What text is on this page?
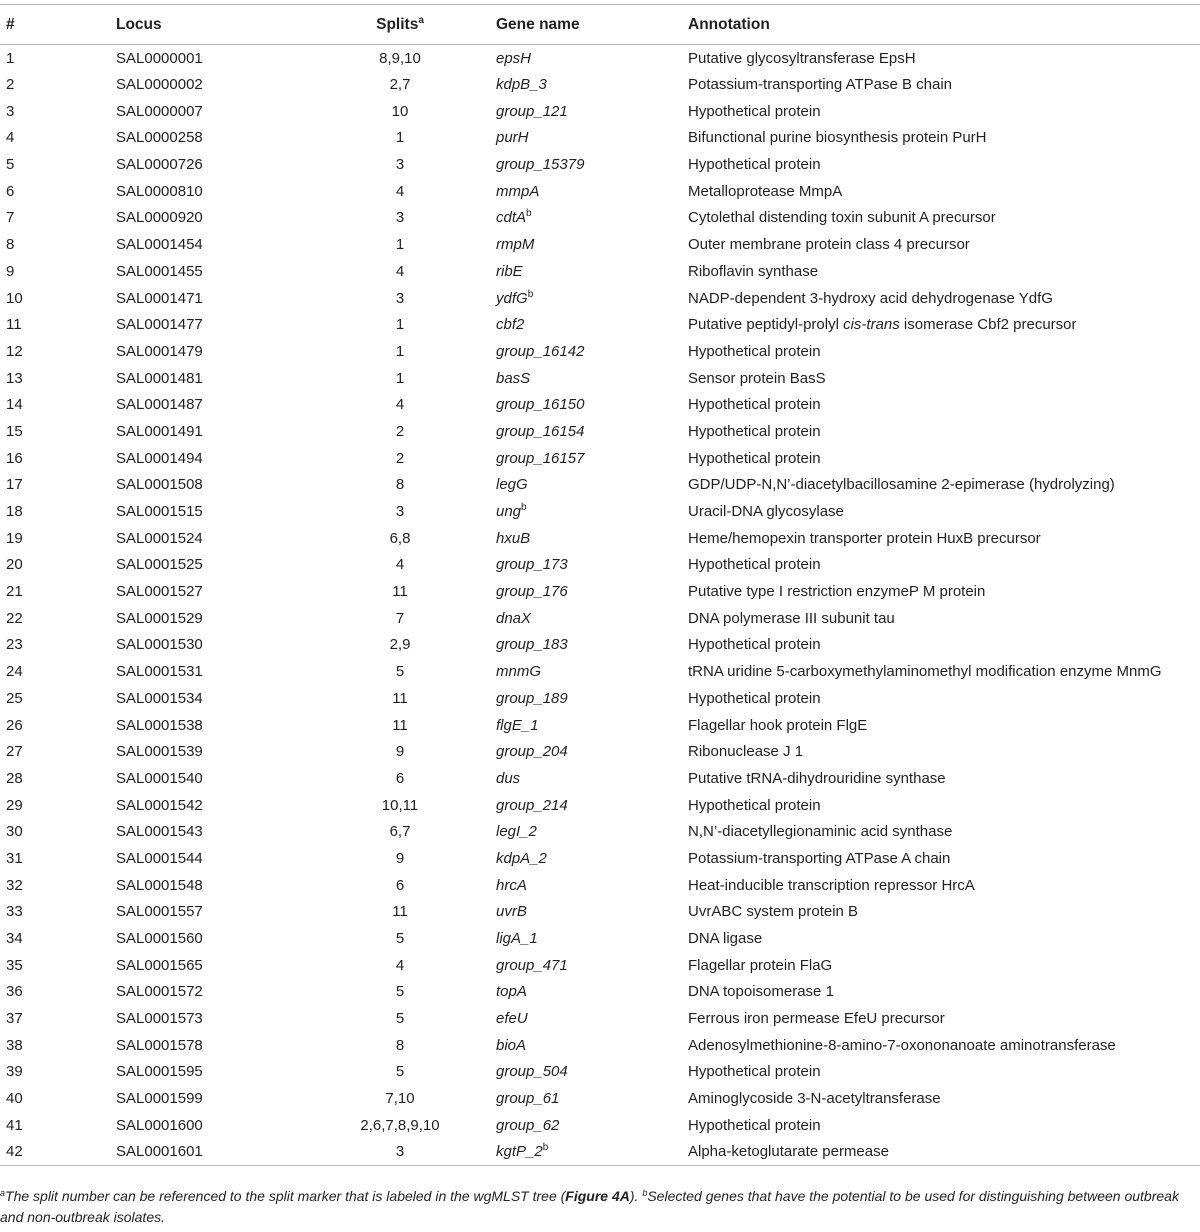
#	Locus	Splits$^a$	Gene name	Annotation
1	SAL0000001	8,9,10	epsH	Putative glycosyltransferase EpsH
2	SAL0000002	2,7	kdpB_3	Potassium-transporting ATPase B chain
3	SAL0000007	10	group_121	Hypothetical protein
4	SAL0000258	1	purH	Bifunctional purine biosynthesis protein PurH
5	SAL0000726	3	group_15379	Hypothetical protein
6	SAL0000810	4	mmpA	Metalloprotease MmpA
7	SAL0000920	3	cdtA$^b$	Cytolethal distending toxin subunit A precursor
8	SAL0001454	1	rmpM	Outer membrane protein class 4 precursor
9	SAL0001455	4	ribE	Riboflavin synthase
10	SAL0001471	3	ydfG$^b$	NADP-dependent 3-hydroxy acid dehydrogenase YdfG
11	SAL0001477	1	cbf2	Putative peptidyl-prolyl cis-trans isomerase Cbf2 precursor
12	SAL0001479	1	group_16142	Hypothetical protein
13	SAL0001481	1	basS	Sensor protein BasS
14	SAL0001487	4	group_16150	Hypothetical protein
15	SAL0001491	2	group_16154	Hypothetical protein
16	SAL0001494	2	group_16157	Hypothetical protein
17	SAL0001508	8	legG	GDP/UDP-N,N’-diacetylbacillosamine 2-epimerase (hydrolyzing)
18	SAL0001515	3	ung$^b$	Uracil-DNA glycosylase
19	SAL0001524	6,8	hxuB	Heme/hemopexin transporter protein HuxB precursor
20	SAL0001525	4	group_173	Hypothetical protein
21	SAL0001527	11	group_176	Putative type I restriction enzymeP M protein
22	SAL0001529	7	dnaX	DNA polymerase III subunit tau
23	SAL0001530	2,9	group_183	Hypothetical protein
24	SAL0001531	5	mnmG	tRNA uridine 5-carboxymethylaminomethyl modification enzyme MnmG
25	SAL0001534	11	group_189	Hypothetical protein
26	SAL0001538	11	flgE_1	Flagellar hook protein FlgE
27	SAL0001539	9	group_204	Ribonuclease J 1
28	SAL0001540	6	dus	Putative tRNA-dihydrouridine synthase
29	SAL0001542	10,11	group_214	Hypothetical protein
30	SAL0001543	6,7	legI_2	N,N’-diacetyllegionaminic acid synthase
31	SAL0001544	9	kdpA_2	Potassium-transporting ATPase A chain
32	SAL0001548	6	hrcA	Heat-inducible transcription repressor HrcA
33	SAL0001557	11	uvrB	UvrABC system protein B
34	SAL0001560	5	ligA_1	DNA ligase
35	SAL0001565	4	group_471	Flagellar protein FlaG
36	SAL0001572	5	topA	DNA topoisomerase 1
37	SAL0001573	5	efeU	Ferrous iron permease EfeU precursor
38	SAL0001578	8	bioA	Adenosylmethionine-8-amino-7-oxononanoate aminotransferase
39	SAL0001595	5	group_504	Hypothetical protein
40	SAL0001599	7,10	group_61	Aminoglycoside 3-N-acetyltransferase
41	SAL0001600	2,6,7,8,9,10	group_62	Hypothetical protein
42	SAL0001601	3	kgtP_2$^b$	Alpha-ketoglutarate permease
$^a$The split number can be referenced to the split marker that is labeled in the wgMLST tree (Figure 4A). $^b$Selected genes that have the potential to be used for distinguishing between outbreak and non-outbreak isolates.
